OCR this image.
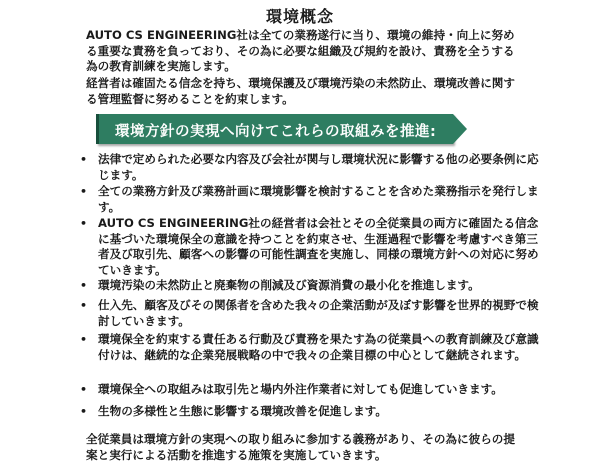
環境概念

AUTO CS ENGINEERING社は全ての業務遂行に当り、環境の維持・向上に努める重要な責務を負っており、その為に必要な組織及び規約を設け、責務を全うする為の教育訓練を実施します。

経営者は確固たる信念を持ち、環境保護及び環境汚染の未然防止、環境改善に関する管理監督に努めることを約束します。

環境方針の実現へ向けてこれらの取組みを推進:
• 法律で定められた必要な内容及び会社が関与し環境状況に影響する他の必要条例に応じます。
• 全ての業務方針及び業務計画に環境影響を検討することを含めた業務指示を発行します。
• AUTO CS ENGINEERING社の経営者は会社とその全従業員の両方に確固たる信念に基づいた環境保全の意識を持つことを約束させ、生涯過程で影響を考慮すべき第三者及び取引先、顧客への影響の可能性調査を実施し、同様の環境方針への対応に努めていきます。
• 環境汚染の未然防止と廃棄物の削減及び資源消費の最小化を推進します。
• 仕入先、顧客及びその関係者を含めた我々の企業活動が及ぼす影響を世界的視野で検討していきます。
• 環境保全を約束する責任ある行動及び責務を果たす為の従業員への教育訓練及び意識付けは、継続的な企業発展戦略の中で我々の企業目標の中心として継続されます。
• 環境保全への取組みは取引先と場内外注作業者に対しても促進していきます。
• 生物の多様性と生態に影響する環境改善を促進します。

全従業員は環境方針の実現への取り組みに参加する義務があり、その為に彼らの提案と実行による活動を推進する施策を実施していきます。
